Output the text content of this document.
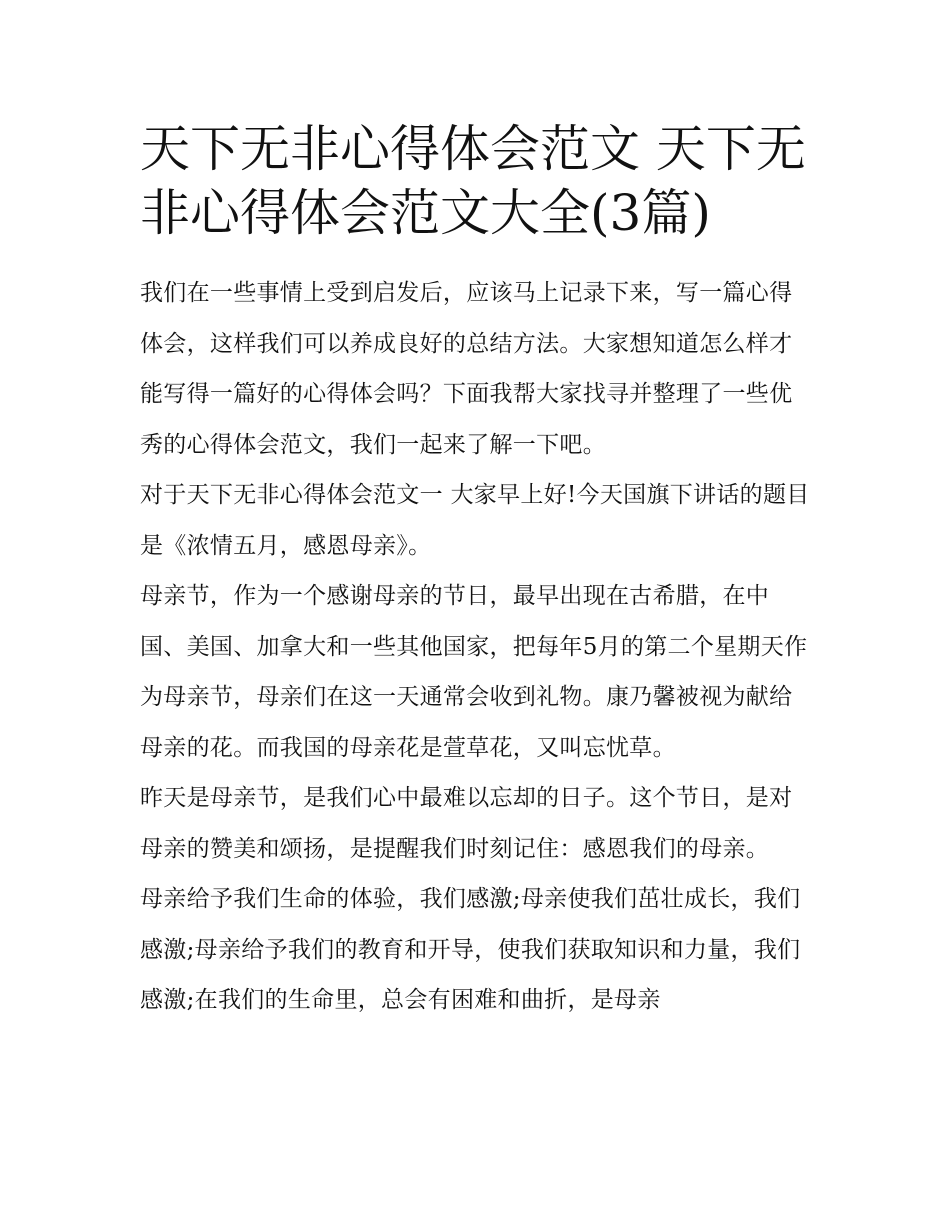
天下无非心得体会范文 天下无非心得体会范文大全(3篇)

我们在一些事情上受到启发后，应该马上记录下来，写一篇心得体会，这样我们可以养成良好的总结方法。大家想知道怎么样才能写得一篇好的心得体会吗？下面我帮大家找寻并整理了一些优秀的心得体会范文，我们一起来了解一下吧。

对于天下无非心得体会范文一 大家早上好!今天国旗下讲话的题目是《浓情五月，感恩母亲》。

母亲节，作为一个感谢母亲的节日，最早出现在古希腊，在中国、美国、加拿大和一些其他国家，把每年5月的第二个星期天作为母亲节，母亲们在这一天通常会收到礼物。康乃馨被视为献给母亲的花。而我国的母亲花是萱草花，又叫忘忧草。

昨天是母亲节，是我们心中最难以忘却的日子。这个节日，是对母亲的赞美和颂扬，是提醒我们时刻记住：感恩我们的母亲。

母亲给予我们生命的体验，我们感激;母亲使我们茁壮成长，我们感激;母亲给予我们的教育和开导，使我们获取知识和力量，我们感激;在我们的生命里，总会有困难和曲折，是母亲
